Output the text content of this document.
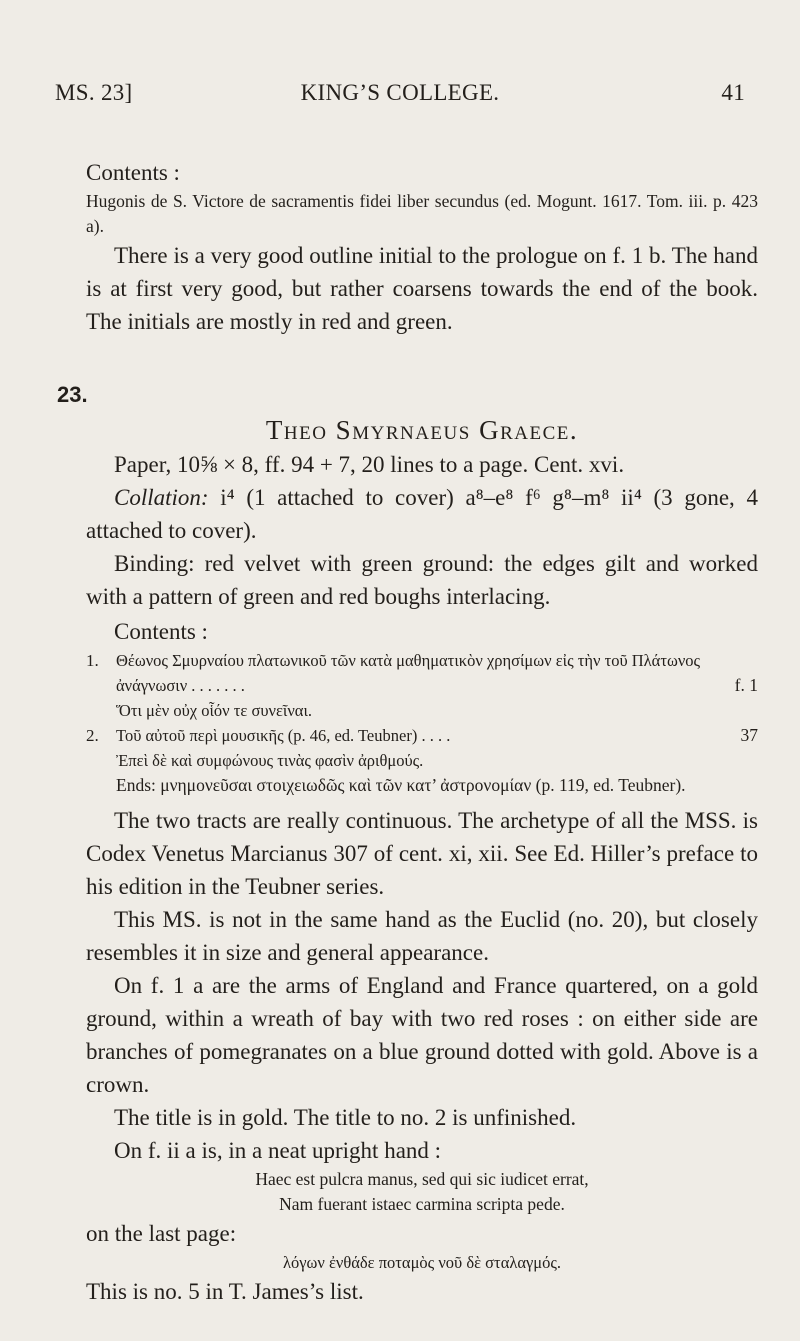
MS. 23]	KING’S COLLEGE.	41

Contents :

Hugonis de S. Victore de sacramentis fidei liber secundus (ed. Mogunt. 1617. Tom. iii. p. 423 a).

There is a very good outline initial to the prologue on f. 1 b. The hand is at first very good, but rather coarsens towards the end of the book. The initials are mostly in red and green.

23.
Theo Smyrnaeus Graece.

Paper, 10⅝ × 8, ff. 94 + 7, 20 lines to a page. Cent. xvi.

Collation: i⁴ (1 attached to cover) a⁸–e⁸ f⁶ g⁸–m⁸ ii⁴ (3 gone, 4 attached to cover).

Binding: red velvet with green ground: the edges gilt and worked with a pattern of green and red boughs interlacing.

Contents :

1. Θέωνος Σμυρναίου πλατωνικοῦ τῶν κατὰ μαθηματικὸν χρησίμων εἰς τὴν τοῦ Πλάτωνος ἀνάγνωσιν . . . . . . .	f. 1
Ὅτι μὲν οὐχ οἷόν τε συνεῖναι.
2. Τοῦ αὐτοῦ περὶ μουσικῆς (p. 46, ed. Teubner) . . . .	37
Ἐπεὶ δὲ καὶ συμφώνους τινὰς φασὶν ἀριθμούς.
Ends: μνημονεῦσαι στοιχειωδῶς καὶ τῶν κατ’ ἀστρονομίαν (p. 119, ed. Teubner).

The two tracts are really continuous. The archetype of all the MSS. is Codex Venetus Marcianus 307 of cent. xi, xii. See Ed. Hiller’s preface to his edition in the Teubner series.

This MS. is not in the same hand as the Euclid (no. 20), but closely resembles it in size and general appearance.

On f. 1 a are the arms of England and France quartered, on a gold ground, within a wreath of bay with two red roses : on either side are branches of pomegranates on a blue ground dotted with gold. Above is a crown.

The title is in gold. The title to no. 2 is unfinished.

On f. ii a is, in a neat upright hand :

Haec est pulcra manus, sed qui sic iudicet errat,
Nam fuerant istaec carmina scripta pede.

on the last page:

λόγων ἐνθάδε ποταμὸς νοῦ δὲ σταλαγμός.

This is no. 5 in T. James’s list.
